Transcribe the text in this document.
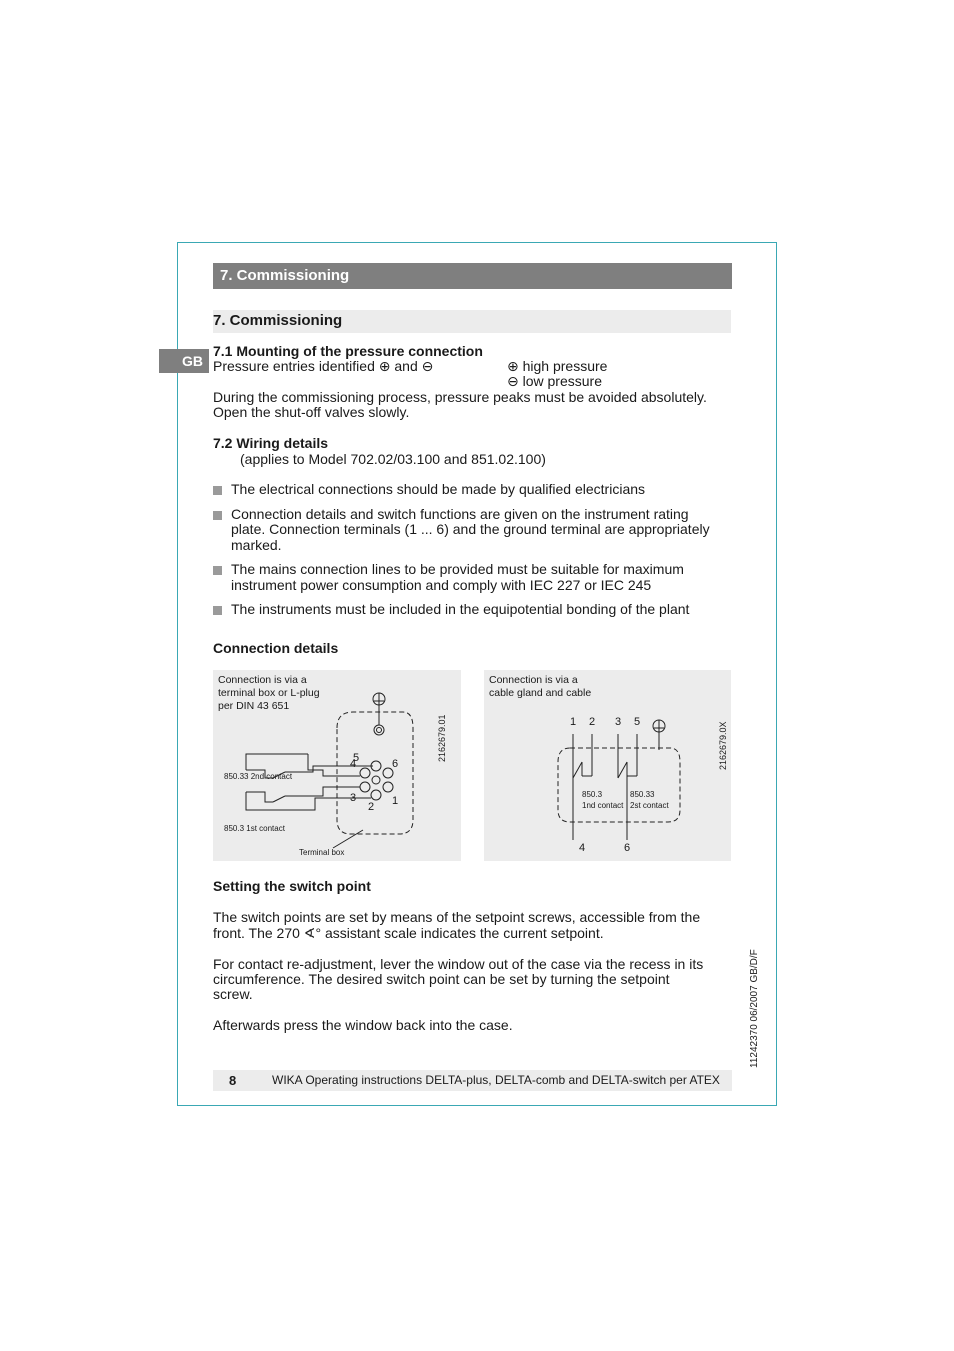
7. Commissioning
7. Commissioning
GB
7.1 Mounting of the pressure connection
Pressure entries identified ⊕ and ⊖	⊕ high pressure
⊖ low pressure
During the commissioning process, pressure peaks must be avoided absolutely.
Open the shut-off valves slowly.
7.2 Wiring details
(applies to Model 702.02/03.100 and 851.02.100)
The electrical connections should be made by qualified electricians
Connection details and switch functions are given on the instrument rating
plate. Connection terminals (1 ... 6) and the ground terminal are appropriately
marked.
The mains connection lines to be provided must be suitable for maximum
instrument power consumption and comply with IEC 227 or IEC 245
The instruments must be included in the equipotential bonding of the plant
Connection details
Connection is via a
terminal box or L-plug
per DIN 43 651
5
4	6
3
2 1
850.33 2nd contact
850.3 1st contact
Terminal box
2162679.01
Connection is via a
cable gland and cable
1 2 3 5
4	6
850.3
1nd contact
850.33
2st contact
2162679.0X
Setting the switch point
The switch points are set by means of the setpoint screws, accessible from the
front. The 270 ∢° assistant scale indicates the current setpoint.
For contact re-adjustment, lever the window out of the case via the recess in its
circumference. The desired switch point can be set by turning the setpoint
screw.
Afterwards press the window back into the case.	11242370 06/2007 GB/D/F
8	WIKA Operating instructions DELTA-plus, DELTA-comb and DELTA-switch per ATEX
